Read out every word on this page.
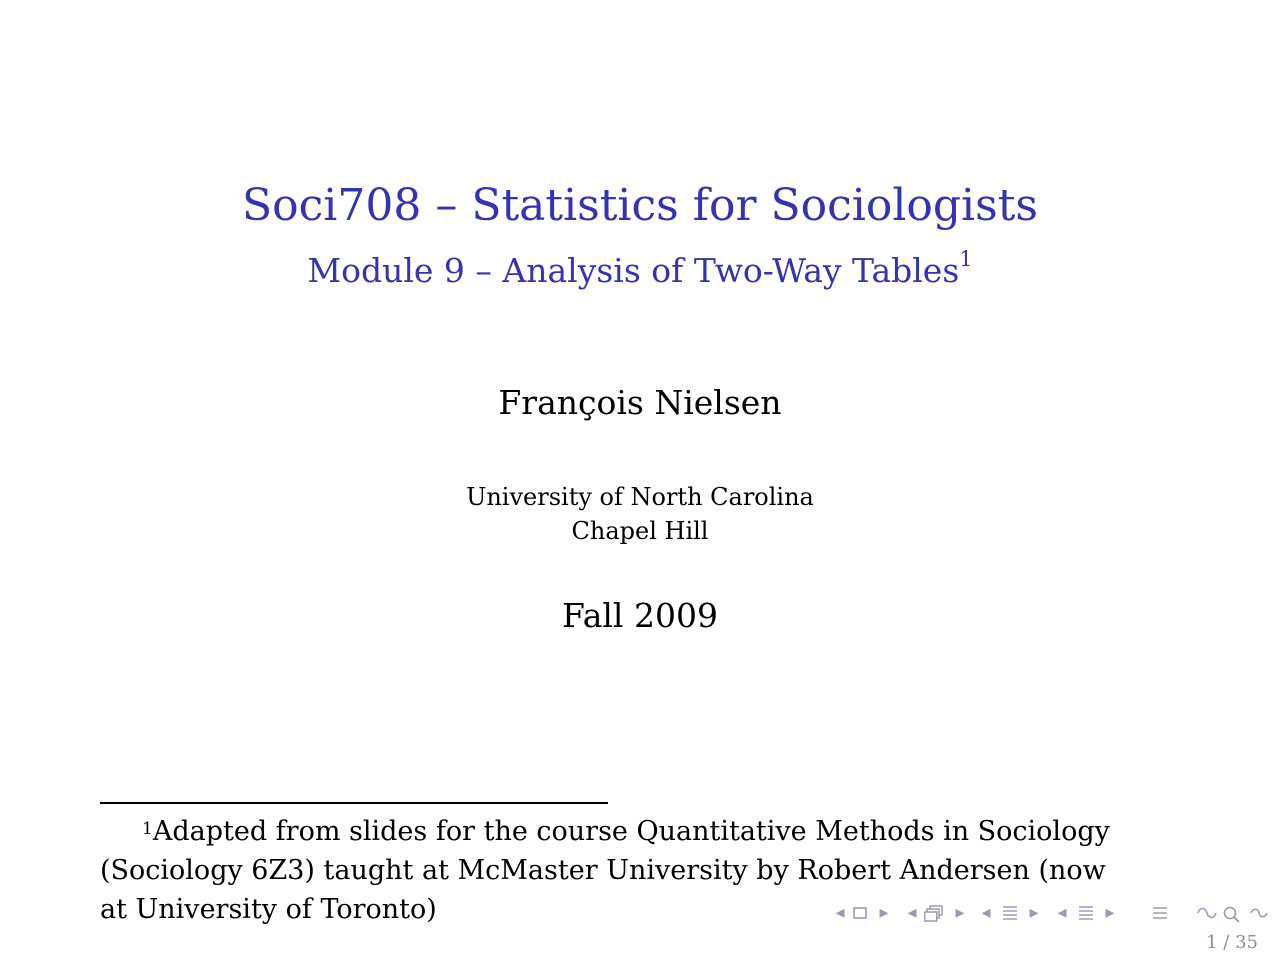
Soci708 – Statistics for Sociologists
Module 9 – Analysis of Two-Way Tables$^1$
François Nielsen
University of North Carolina
Chapel Hill
Fall 2009
$^1$Adapted from slides for the course Quantitative Methods in Sociology (Sociology 6Z3) taught at McMaster University by Robert Andersen (now at University of Toronto)	◂ ▸ ◂ ▸ ◂ ▸ ◂ ▸
1 / 35
